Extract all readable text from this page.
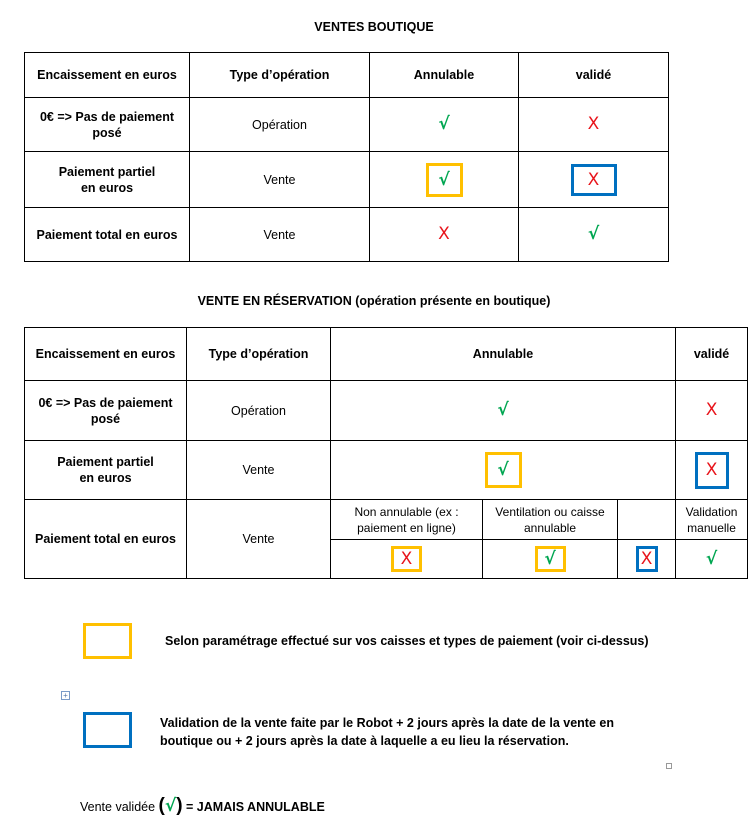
VENTES BOUTIQUE
Encaissement en euros	Type d’opération	Annulable	validé
0€ => Pas de paiement posé	Opération	√	X
Paiement partiel
en euros	Vente	√	X
Paiement total en euros	Vente	X	√
VENTE EN RÉSERVATION (opération présente en boutique)
Encaissement en euros	Type d’opération	Annulable			validé
0€ => Pas de paiement posé	Opération	√			X
Paiement partiel
en euros	Vente	√			X
Paiement total en euros	Vente	Non annulable (ex : paiement en ligne)	Ventilation ou caisse annulable		Validation manuelle
		X	√	X	√
Selon paramétrage effectué sur vos caisses et types de paiement (voir ci-dessus)
+
Validation de la vente faite par le Robot + 2 jours après la date de la vente en boutique ou + 2 jours après la date à laquelle a eu lieu la réservation.
Vente validée (√) = JAMAIS ANNULABLE
